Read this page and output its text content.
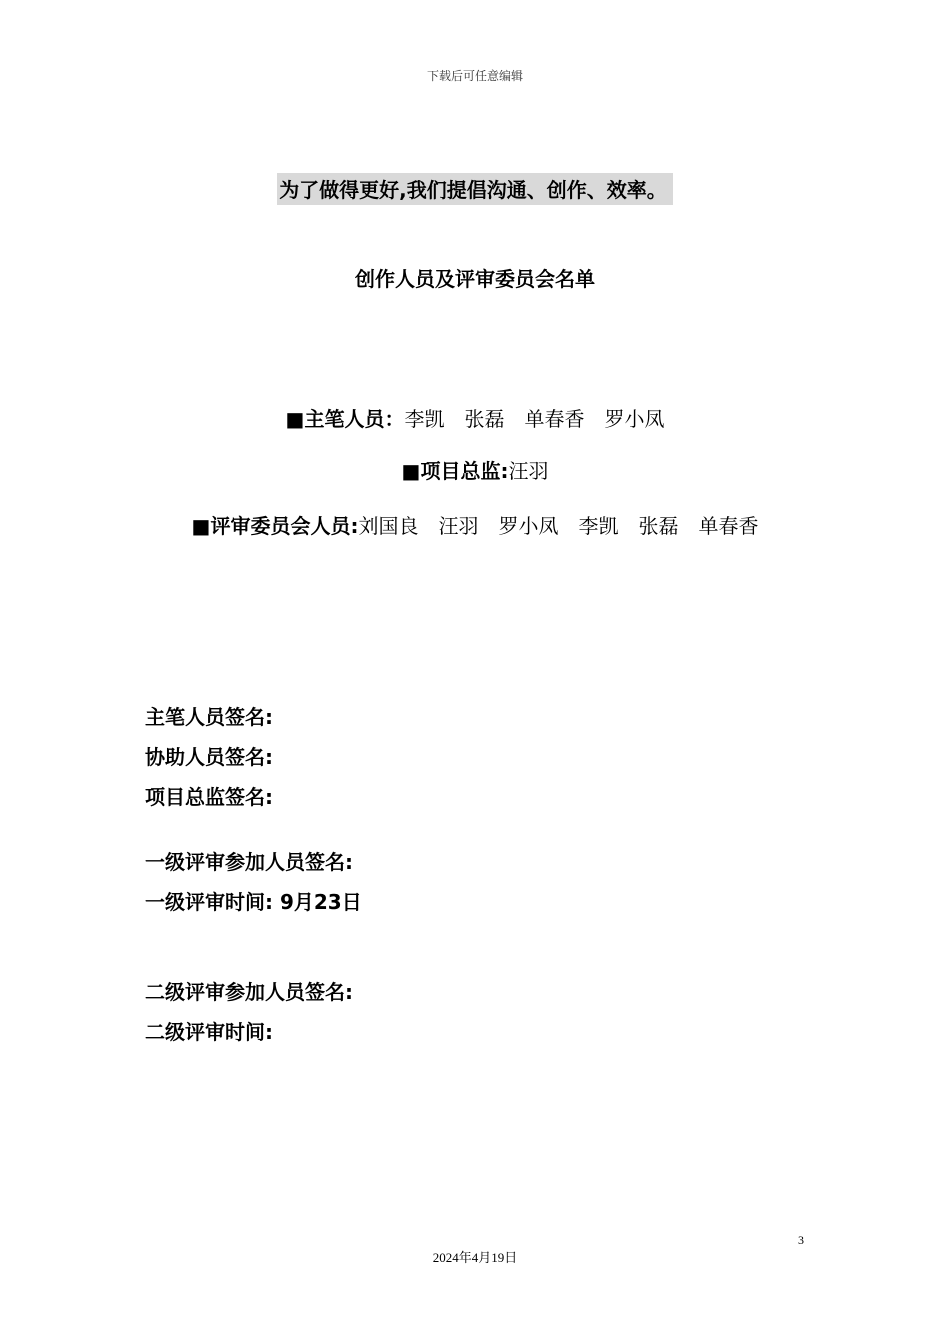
下载后可任意编辑
为了做得更好,我们提倡沟通、创作、效率。
创作人员及评审委员会名单
■主笔人员：李凯　张磊　单春香　罗小凤
■项目总监:汪羽
■评审委员会人员:刘国良　汪羽　罗小凤　李凯　张磊　单春香
主笔人员签名:
协助人员签名:
项目总监签名:
一级评审参加人员签名:
一级评审时间: 9月23日
二级评审参加人员签名:
二级评审时间:
3
2024年4月19日
